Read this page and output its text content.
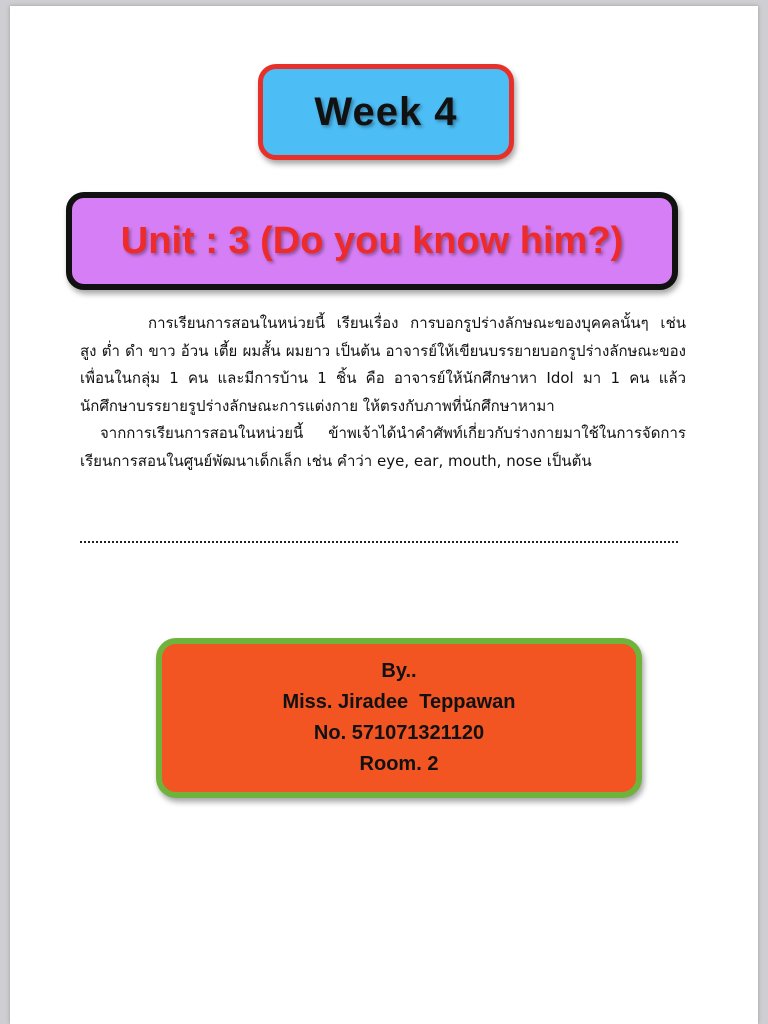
Week 4
Unit : 3 (Do you know him?)

การเรียนการสอนในหน่วยนี้ เรียนเรื่อง การบอกรูปร่างลักษณะของบุคคลนั้นๆ เช่น สูง ต่ำ ดำ ขาว อ้วน เตี้ย ผมสั้น ผมยาว เป็นต้น อาจารย์ให้เขียนบรรยายบอกรูปร่างลักษณะของเพื่อนในกลุ่ม 1 คน และมีการบ้าน 1 ชิ้น คือ อาจารย์ให้นักศึกษาหา Idol มา 1 คน แล้วนักศึกษาบรรยายรูปร่างลักษณะการแต่งกาย ให้ตรงกับภาพที่นักศึกษาหามา

จากการเรียนการสอนในหน่วยนี้ ข้าพเจ้าได้นำคำศัพท์เกี่ยวกับร่างกายมาใช้ในการจัดการเรียนการสอนในศูนย์พัฒนาเด็กเล็ก เช่น คำว่า eye, ear, mouth, nose เป็นต้น

By..
Miss. Jiradee  Teppawan
No. 571071321120
Room. 2
